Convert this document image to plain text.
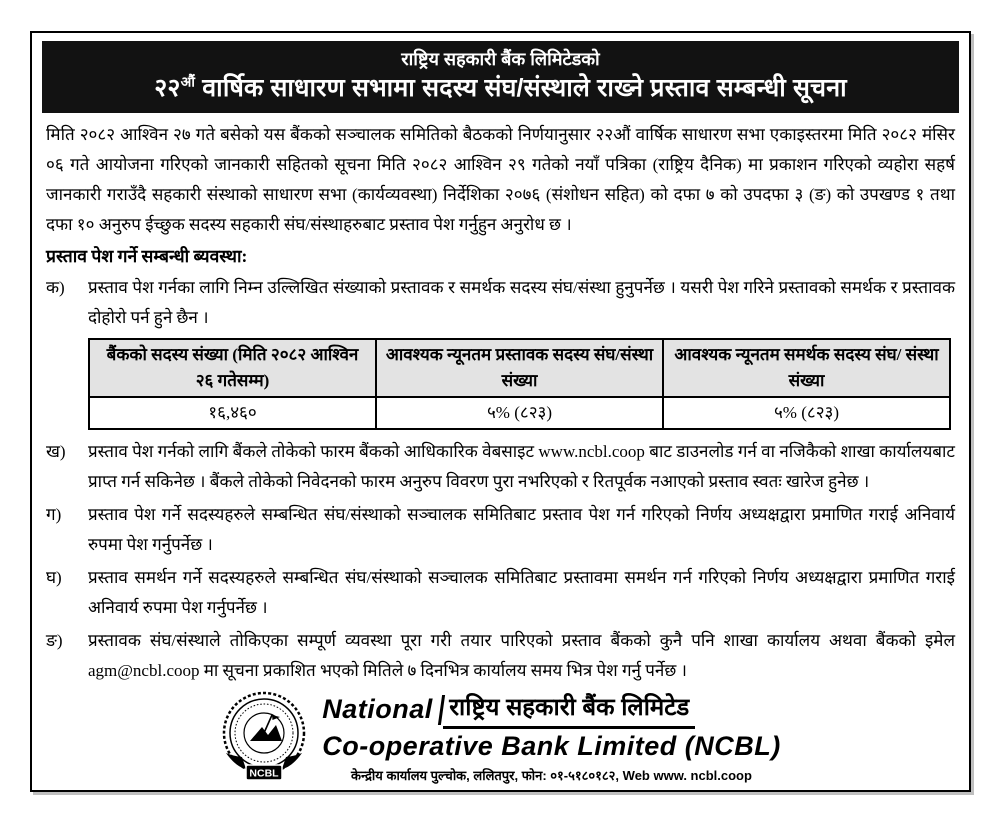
राष्ट्रिय सहकारी बैंक लिमिटेडको
$२२^{औं}$ वार्षिक साधारण सभामा सदस्य संघ/संस्थाले राख्ने प्रस्ताव सम्बन्धी सूचना
मिति २०८२ आश्विन २७ गते बसेको यस बैंकको सञ्चालक समितिको बैठकको निर्णयानुसार २२औं वार्षिक साधारण सभा एकाइस्तरमा मिति २०८२ मंसिर ०६ गते आयोजना गरिएको जानकारी सहितको सूचना मिति २०८२ आश्विन २९ गतेको नयाँ पत्रिका (राष्ट्रिय दैनिक) मा प्रकाशन गरिएको व्यहोरा सहर्ष जानकारी गराउँदै सहकारी संस्थाको साधारण सभा (कार्यव्यवस्था) निर्देशिका २०७६ (संशोधन सहित) को दफा ७ को उपदफा ३ (ङ) को उपखण्ड १ तथा दफा १० अनुरुप ईच्छुक सदस्य सहकारी संघ/संस्थाहरुबाट प्रस्ताव पेश गर्नुहुन अनुरोध छ ।
प्रस्ताव पेश गर्ने सम्बन्धी ब्यवस्था:
क)	प्रस्ताव पेश गर्नका लागि निम्न उल्लिखित संख्याको प्रस्तावक र समर्थक सदस्य संघ/संस्था हुनुपर्नेछ । यसरी पेश गरिने प्रस्तावको समर्थक र प्रस्तावक दोहोरो पर्न हुने छैन ।
बैंकको सदस्य संख्या (मिति २०८२ आश्विन २६ गतेसम्म)	आवश्यक न्यूनतम प्रस्तावक सदस्य संघ/संस्था संख्या	आवश्यक न्यूनतम समर्थक सदस्य संघ/ संस्था संख्या
१६,४६०	५% (८२३)	५% (८२३)
ख)	प्रस्ताव पेश गर्नको लागि बैंकले तोकेको फारम बैंकको आधिकारिक वेबसाइट www.ncbl.coop बाट डाउनलोड गर्न वा नजिकैको शाखा कार्यालयबाट प्राप्त गर्न सकिनेछ । बैंकले तोकेको निवेदनको फारम अनुरुप विवरण पुरा नभरिएको र रितपूर्वक नआएको प्रस्ताव स्वतः खारेज हुनेछ ।
ग)	प्रस्ताव पेश गर्ने सदस्यहरुले सम्बन्धित संघ/संस्थाको सञ्चालक समितिबाट प्रस्ताव पेश गर्न गरिएको निर्णय अध्यक्षद्वारा प्रमाणित गराई अनिवार्य रुपमा पेश गर्नुपर्नेछ ।
घ)	प्रस्ताव समर्थन गर्ने सदस्यहरुले सम्बन्धित संघ/संस्थाको सञ्चालक समितिबाट प्रस्तावमा समर्थन गर्न गरिएको निर्णय अध्यक्षद्वारा प्रमाणित गराई अनिवार्य रुपमा पेश गर्नुपर्नेछ ।
ङ)	प्रस्तावक संघ/संस्थाले तोकिएका सम्पूर्ण व्यवस्था पूरा गरी तयार पारिएको प्रस्ताव बैंकको कुनै पनि शाखा कार्यालय अथवा बैंकको इमेल agm@ncbl.coop मा सूचना प्रकाशित भएको मितिले ७ दिनभित्र कार्यालय समय भित्र पेश गर्नु पर्नेछ ।
NCBL
National राष्ट्रिय सहकारी बैंक लिमिटेड
Co-operative Bank Limited (NCBL)
केन्द्रीय कार्यालय पुल्चोक, ललितपुर, फोन: ०१-५१८०१८२, Web www. ncbl.coop
